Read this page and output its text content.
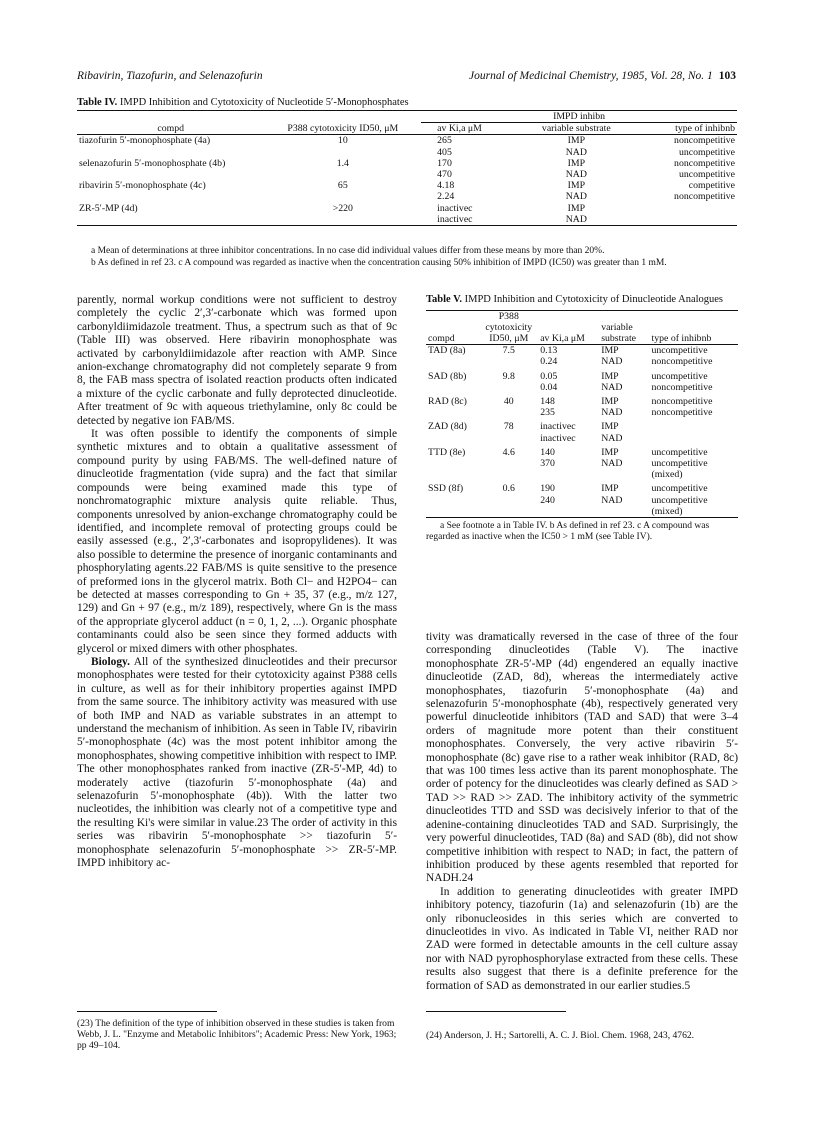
Ribavirin, Tiazofurin, and Selenazofurin	Journal of Medicinal Chemistry, 1985, Vol. 28, No. 1 103
Table IV. IMPD Inhibition and Cytotoxicity of Nucleotide 5′-Monophosphates
		IMPD inhibn		
compd	P388 cytotoxicity ID50, μM	av Ki,a μM	variable substrate	type of inhibnb
tiazofurin 5′-monophosphate (4a)	10	265	IMP	noncompetitive
		405	NAD	uncompetitive
selenazofurin 5′-monophosphate (4b)	1.4	170	IMP	noncompetitive
		470	NAD	uncompetitive
ribavirin 5′-monophosphate (4c)	65	4.18	IMP	competitive
		2.24	NAD	noncompetitive
ZR-5′-MP (4d)	>220	inactivec	IMP	
		inactivec	NAD	

a Mean of determinations at three inhibitor concentrations. In no case did individual values differ from these means by more than 20%.

b As defined in ref 23. c A compound was regarded as inactive when the concentration causing 50% inhibition of IMPD (IC50) was greater than 1 mM.

parently, normal workup conditions were not sufficient to destroy completely the cyclic 2′,3′-carbonate which was formed upon carbonyldiimidazole treatment. Thus, a spectrum such as that of 9c (Table III) was observed. Here ribavirin monophosphate was activated by carbonyldiimidazole after reaction with AMP. Since anion-exchange chromatography did not completely separate 9 from 8, the FAB mass spectra of isolated reaction products often indicated a mixture of the cyclic carbonate and fully deprotected dinucleotide. After treatment of 9c with aqueous triethylamine, only 8c could be detected by negative ion FAB/MS.

It was often possible to identify the components of simple synthetic mixtures and to obtain a qualitative assessment of compound purity by using FAB/MS. The well-defined nature of dinucleotide fragmentation (vide supra) and the fact that similar compounds were being examined made this type of nonchromatographic mixture analysis quite reliable. Thus, components unresolved by anion-exchange chromatography could be identified, and incomplete removal of protecting groups could be easily assessed (e.g., 2′,3′-carbonates and isopropylidenes). It was also possible to determine the presence of inorganic contaminants and phosphorylating agents.22 FAB/MS is quite sensitive to the presence of preformed ions in the glycerol matrix. Both Cl− and H2PO4− can be detected at masses corresponding to Gn + 35, 37 (e.g., m/z 127, 129) and Gn + 97 (e.g., m/z 189), respectively, where Gn is the mass of the appropriate glycerol adduct (n = 0, 1, 2, ...). Organic phosphate contaminants could also be seen since they formed adducts with glycerol or mixed dimers with other phosphates.

Biology. All of the synthesized dinucleotides and their precursor monophosphates were tested for their cytotoxicity against P388 cells in culture, as well as for their inhibitory properties against IMPD from the same source. The inhibitory activity was measured with use of both IMP and NAD as variable substrates in an attempt to understand the mechanism of inhibition. As seen in Table IV, ribavirin 5′-monophosphate (4c) was the most potent inhibitor among the monophosphates, showing competitive inhibition with respect to IMP. The other monophosphates ranked from inactive (ZR-5′-MP, 4d) to moderately active (tiazofurin 5′-monophosphate (4a) and selenazofurin 5′-monophosphate (4b)). With the latter two nucleotides, the inhibition was clearly not of a competitive type and the resulting Ki's were similar in value.23 The order of activity in this series was ribavirin 5′-monophosphate >> tiazofurin 5′-monophosphate selenazofurin 5′-monophosphate >> ZR-5′-MP. IMPD inhibitory ac-

Table V. IMPD Inhibition and Cytotoxicity of Dinucleotide Analogues

compd	P388 cytotoxicity ID50, μM	av Ki,a μM	variable substrate	type of inhibnb
TAD (8a)	7.5	0.13	IMP	uncompetitive
		0.24	NAD	noncompetitive
SAD (8b)	9.8	0.05	IMP	uncompetitive
		0.04	NAD	noncompetitive
RAD (8c)	40	148	IMP	noncompetitive
		235	NAD	noncompetitive
ZAD (8d)	78	inactivec	IMP	
		inactivec	NAD	
TTD (8e)	4.6	140	IMP	uncompetitive
		370	NAD	uncompetitive (mixed)
SSD (8f)	0.6	190	IMP	uncompetitive
		240	NAD	uncompetitive (mixed)
a See footnote a in Table IV. b As defined in ref 23. c A compound was regarded as inactive when the IC50 > 1 mM (see Table IV).

tivity was dramatically reversed in the case of three of the four corresponding dinucleotides (Table V). The inactive monophosphate ZR-5′-MP (4d) engendered an equally inactive dinucleotide (ZAD, 8d), whereas the intermediately active monophosphates, tiazofurin 5′-monophosphate (4a) and selenazofurin 5′-monophosphate (4b), respectively generated very powerful dinucleotide inhibitors (TAD and SAD) that were 3–4 orders of magnitude more potent than their constituent monophosphates. Conversely, the very active ribavirin 5′-monophosphate (8c) gave rise to a rather weak inhibitor (RAD, 8c) that was 100 times less active than its parent monophosphate. The order of potency for the dinucleotides was clearly defined as SAD > TAD >> RAD >> ZAD. The inhibitory activity of the symmetric dinucleotides TTD and SSD was decisively inferior to that of the adenine-containing dinucleotides TAD and SAD. Surprisingly, the very powerful dinucleotides, TAD (8a) and SAD (8b), did not show competitive inhibition with respect to NAD; in fact, the pattern of inhibition produced by these agents resembled that reported for NADH.24

In addition to generating dinucleotides with greater IMPD inhibitory potency, tiazofurin (1a) and selenazofurin (1b) are the only ribonucleosides in this series which are converted to dinucleotides in vivo. As indicated in Table VI, neither RAD nor ZAD were formed in detectable amounts in the cell culture assay nor with NAD pyrophosphorylase extracted from these cells. These results also suggest that there is a definite preference for the formation of SAD as demonstrated in our earlier studies.5

(23) The definition of the type of inhibition observed in these studies is taken from Webb, J. L. "Enzyme and Metabolic Inhibitors"; Academic Press: New York, 1963; pp 49–104.
(24) Anderson, J. H.; Sartorelli, A. C. J. Biol. Chem. 1968, 243, 4762.
